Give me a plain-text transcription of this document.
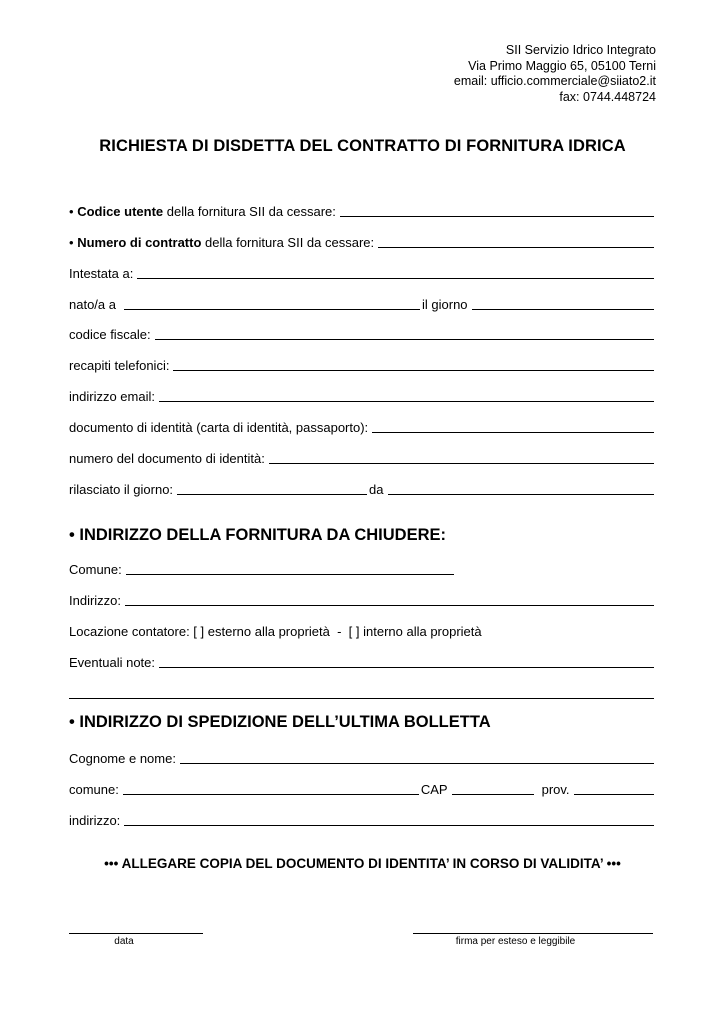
SII Servizio Idrico Integrato
Via Primo Maggio 65, 05100 Terni
email: ufficio.commerciale@siiato2.it
fax: 0744.448724
RICHIESTA DI DISDETTA DEL CONTRATTO DI FORNITURA IDRICA
• Codice utente della fornitura SII da cessare:
• Numero di contratto della fornitura SII da cessare:
Intestata a:
nato/a a	il giorno
codice fiscale:
recapiti telefonici:
indirizzo email:
documento di identità (carta di identità, passaporto):
numero del documento di identità:
rilasciato il giorno:	da
• INDIRIZZO DELLA FORNITURA DA CHIUDERE:
Comune:
Indirizzo:
Locazione contatore: [ ] esterno alla proprietà  -  [ ] interno alla proprietà
Eventuali note:
• INDIRIZZO DI SPEDIZIONE DELL’ULTIMA BOLLETTA
Cognome e nome:
comune:	CAP	prov.
indirizzo:
••• ALLEGARE COPIA DEL DOCUMENTO DI IDENTITA’ IN CORSO DI VALIDITA’ •••
data	firma per esteso e leggibile
